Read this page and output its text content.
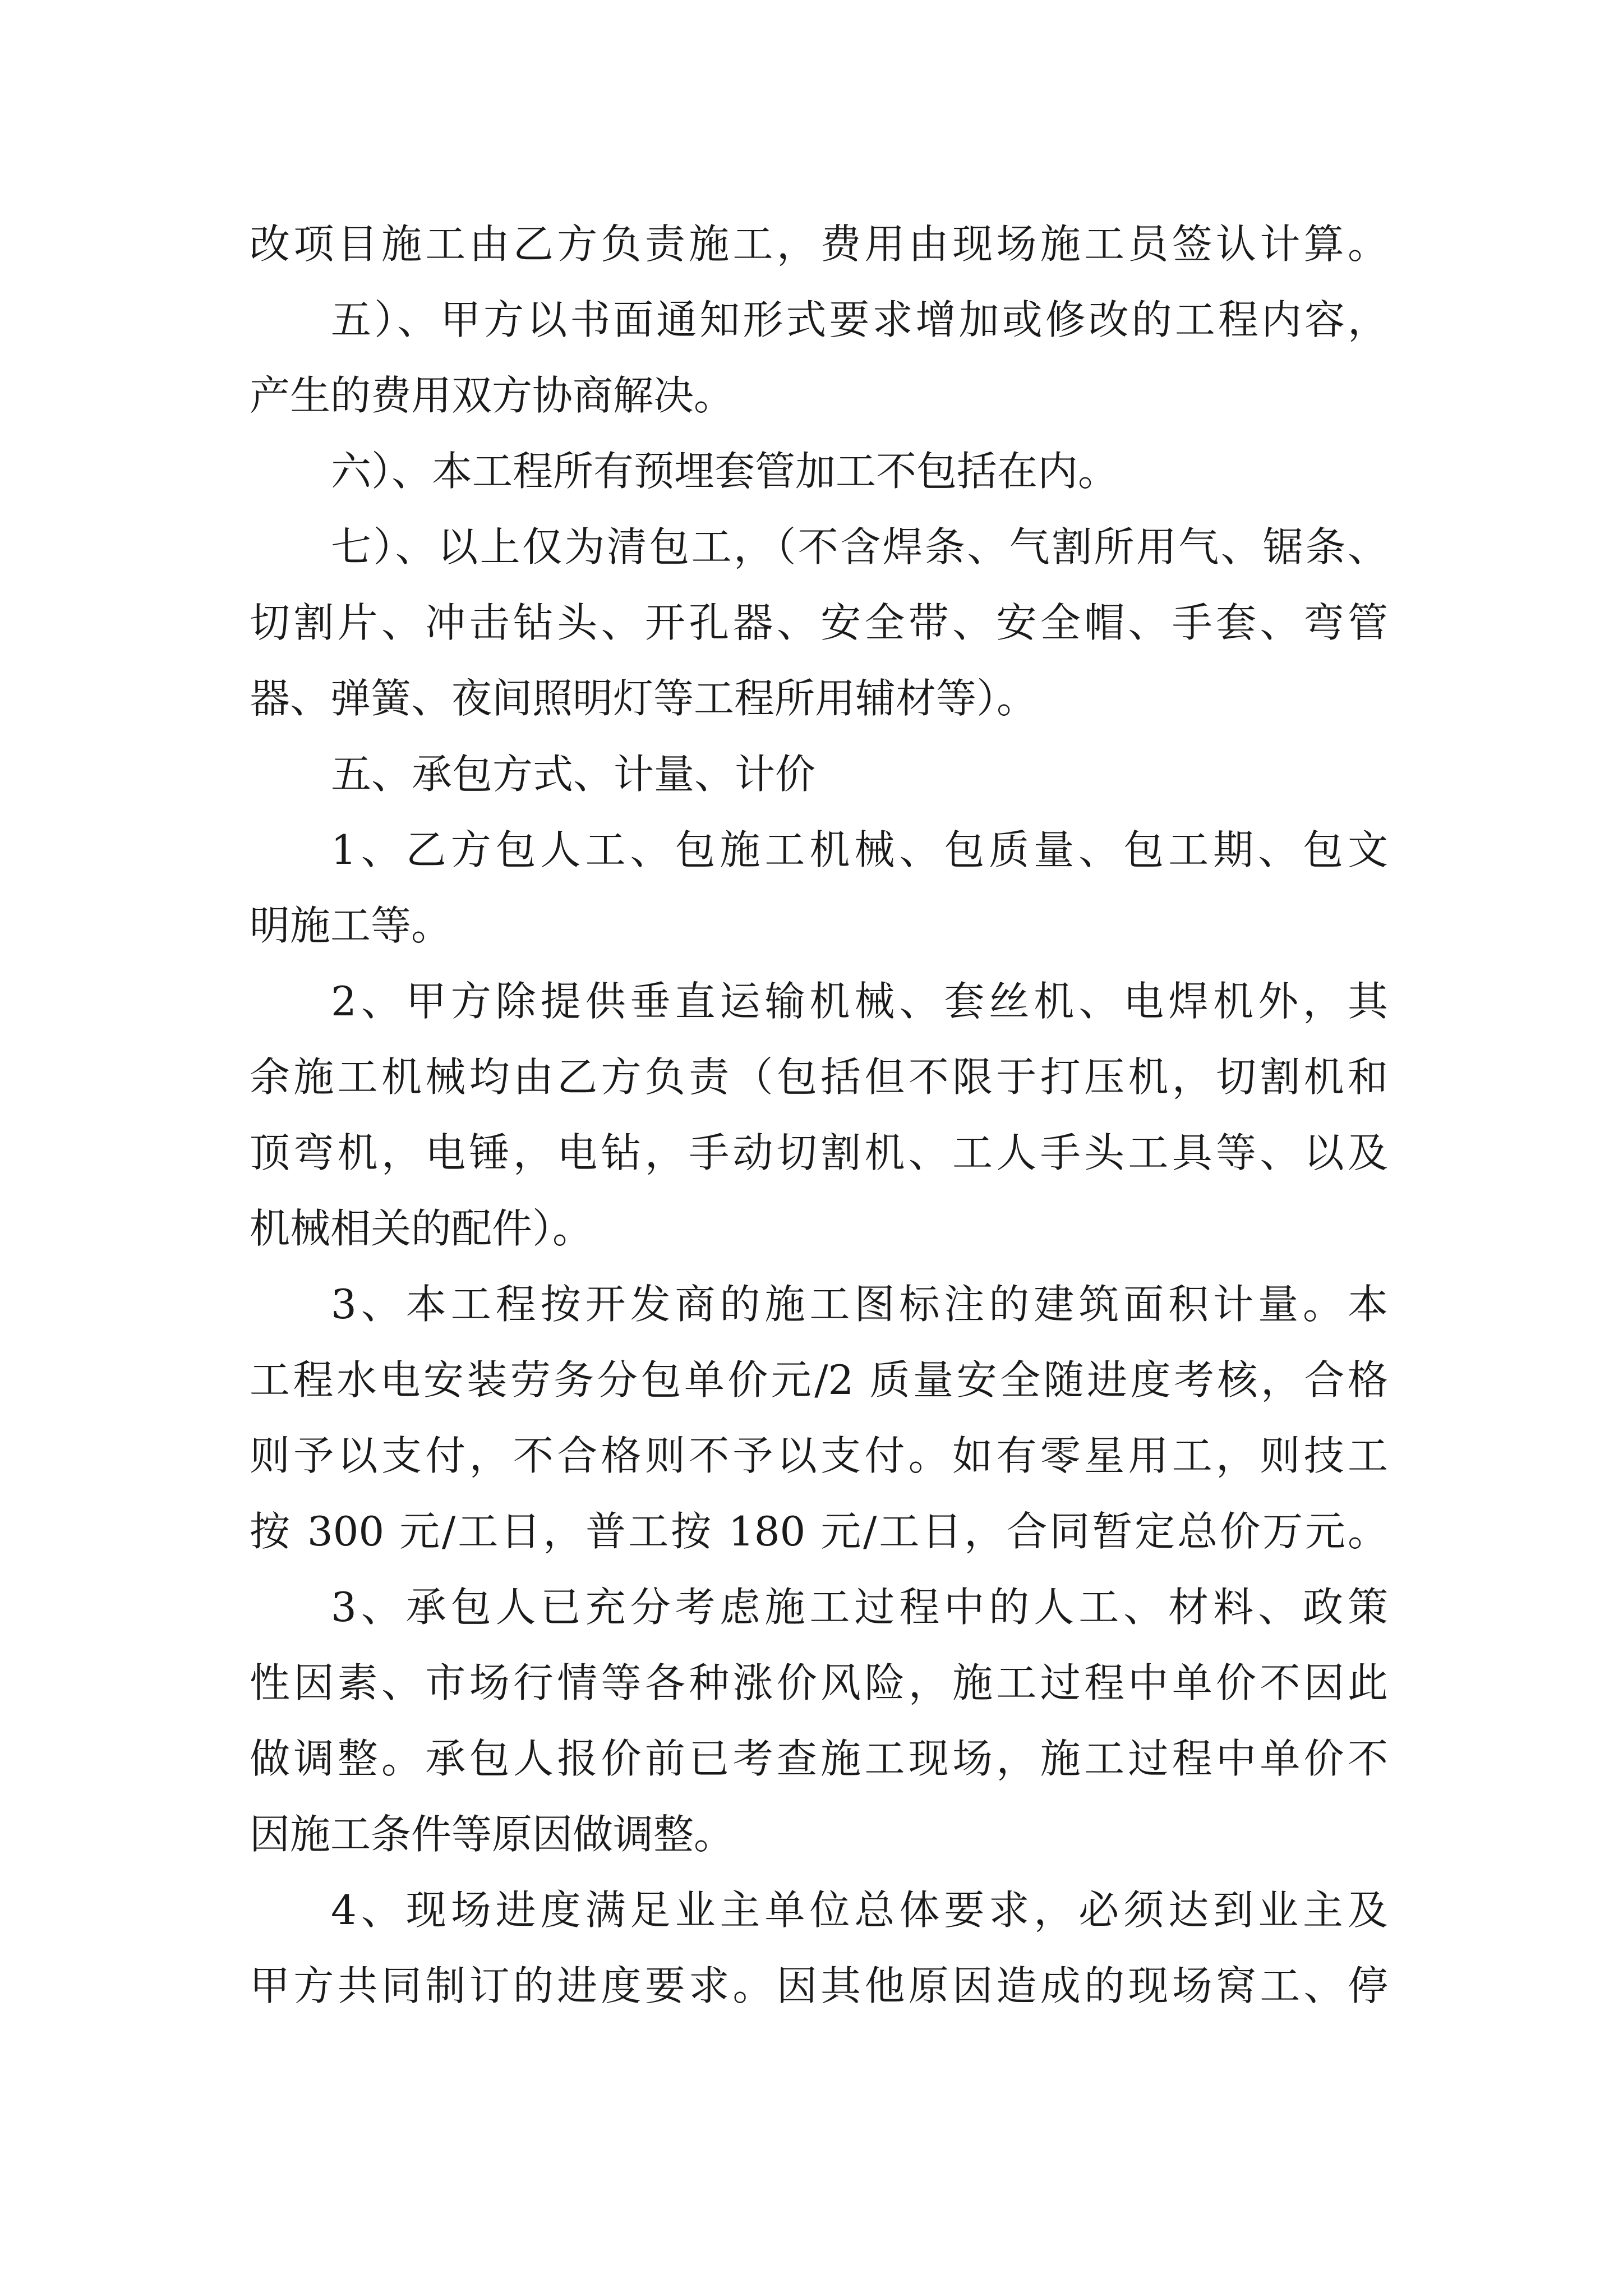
改项目施工由乙方负责施工，费用由现场施工员签认计算。
五）、甲方以书面通知形式要求增加或修改的工程内容，
产生的费用双方协商解决。
六）、本工程所有预埋套管加工不包括在内。
七）、以上仅为清包工，（不含焊条、气割所用气、锯条、
切割片、冲击钻头、开孔器、安全带、安全帽、手套、弯管
器、弹簧、夜间照明灯等工程所用辅材等）。
五、承包方式、计量、计价
1、乙方包人工、包施工机械、包质量、包工期、包文
明施工等。
2、甲方除提供垂直运输机械、套丝机、电焊机外，其
余施工机械均由乙方负责（包括但不限于打压机，切割机和
顶弯机，电锤，电钻，手动切割机、工人手头工具等、以及
机械相关的配件）。
3、本工程按开发商的施工图标注的建筑面积计量。本
工程水电安装劳务分包单价元/2 质量安全随进度考核，合格
则予以支付，不合格则不予以支付。如有零星用工，则技工
按 300 元/工日，普工按 180 元/工日，合同暂定总价万元。
3、承包人已充分考虑施工过程中的人工、材料、政策
性因素、市场行情等各种涨价风险，施工过程中单价不因此
做调整。承包人报价前已考查施工现场，施工过程中单价不
因施工条件等原因做调整。
4、现场进度满足业主单位总体要求，必须达到业主及
甲方共同制订的进度要求。因其他原因造成的现场窝工、停
